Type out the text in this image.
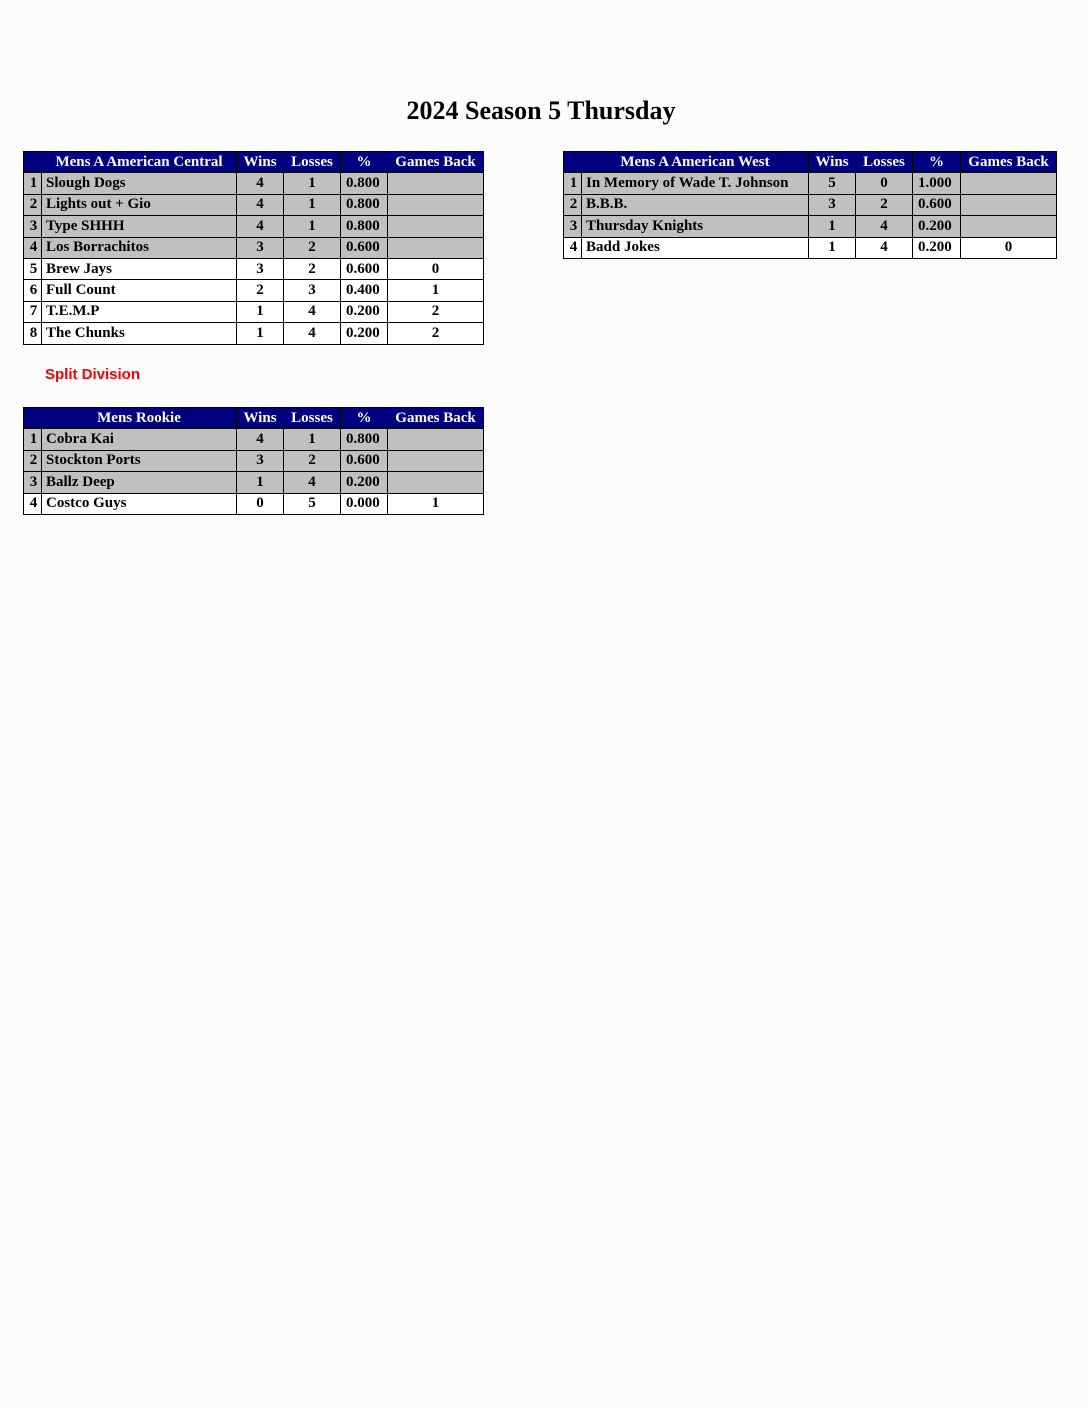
2024 Season 5 Thursday
	Mens A American Central	Wins	Losses	%	Games Back
1	Slough Dogs	4	1	0.800	
2	Lights out + Gio	4	1	0.800	
3	Type SHHH	4	1	0.800	
4	Los Borrachitos	3	2	0.600	
5	Brew Jays	3	2	0.600	0
6	Full Count	2	3	0.400	1
7	T.E.M.P	1	4	0.200	2
8	The Chunks	1	4	0.200	2
Split Division
	Mens A American West	Wins	Losses	%	Games Back
1	In Memory of Wade T. Johnson	5	0	1.000	
2	B.B.B.	3	2	0.600	
3	Thursday Knights	1	4	0.200	
4	Badd Jokes	1	4	0.200	0
	Mens Rookie	Wins	Losses	%	Games Back
1	Cobra Kai	4	1	0.800	
2	Stockton Ports	3	2	0.600	
3	Ballz Deep	1	4	0.200	
4	Costco Guys	0	5	0.000	1
